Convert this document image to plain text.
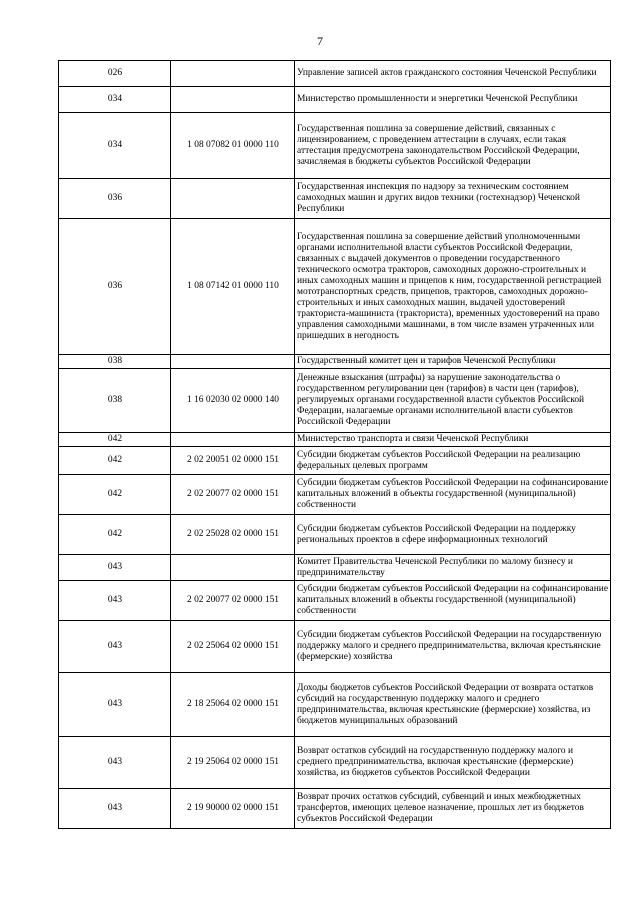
7
026		Управление записей актов гражданского состояния Чеченской Республики
034		Министерство промышленности и энергетики Чеченской Республики
034	1 08 07082 01 0000 110	Государственная пошлина за совершение действий, связанных с лицензированием, с проведением аттестации в случаях, если такая аттестация предусмотрена законодательством Российской Федерации, зачисляемая в бюджеты субъектов Российской Федерации
036		Государственная инспекция по надзору за техническим состоянием самоходных машин и других видов техники (гостехнадзор) Чеченской Республики
036	1 08 07142 01 0000 110	Государственная пошлина за совершение действий уполномоченными органами исполнительной власти субъектов Российской Федерации, связанных с выдачей документов о проведении государственного технического осмотра тракторов, самоходных дорожно-строительных и иных самоходных машин и прицепов к ним, государственной регистрацией мототранспортных средств, прицепов, тракторов, самоходных дорожно-строительных и иных самоходных машин, выдачей удостоверений тракториста-машиниста (тракториста), временных удостоверений на право управления самоходными машинами, в том числе взамен утраченных или пришедших в негодность
038		Государственный комитет цен и тарифов Чеченской Республики
038	1 16 02030 02 0000 140	Денежные взыскания (штрафы) за нарушение законодательства о государственном регулировании цен (тарифов) в части цен (тарифов), регулируемых органами государственной власти субъектов Российской Федерации, налагаемые органами исполнительной власти субъектов Российской Федерации
042		Министерство транспорта и связи Чеченской Республики
042	2 02 20051 02 0000 151	Субсидии бюджетам субъектов Российской Федерации на реализацию федеральных целевых программ
042	2 02 20077 02 0000 151	Субсидии бюджетам субъектов Российской Федерации на софинансирование капитальных вложений в объекты государственной (муниципальной) собственности
042	2 02 25028 02 0000 151	Субсидии бюджетам субъектов Российской Федерации на поддержку региональных проектов в сфере информационных технологий
043		Комитет Правительства Чеченской Республики по малому бизнесу и предпринимательству
043	2 02 20077 02 0000 151	Субсидии бюджетам субъектов Российской Федерации на софинансирование капитальных вложений в объекты государственной (муниципальной) собственности
043	2 02 25064 02 0000 151	Субсидии бюджетам субъектов Российской Федерации на государственную поддержку малого и среднего предпринимательства, включая крестьянские (фермерские) хозяйства
043	2 18 25064 02 0000 151	Доходы бюджетов субъектов Российской Федерации от возврата остатков субсидий на государственную поддержку малого и среднего предпринимательства, включая крестьянские (фермерские) хозяйства, из бюджетов муниципальных образований
043	2 19 25064 02 0000 151	Возврат остатков субсидий на государственную поддержку малого и среднего предпринимательства, включая крестьянские (фермерские) хозяйства, из бюджетов субъектов Российской Федерации
043	2 19 90000 02 0000 151	Возврат прочих остатков субсидий, субвенций и иных межбюджетных трансфертов, имеющих целевое назначение, прошлых лет из бюджетов субъектов Российской Федерации
